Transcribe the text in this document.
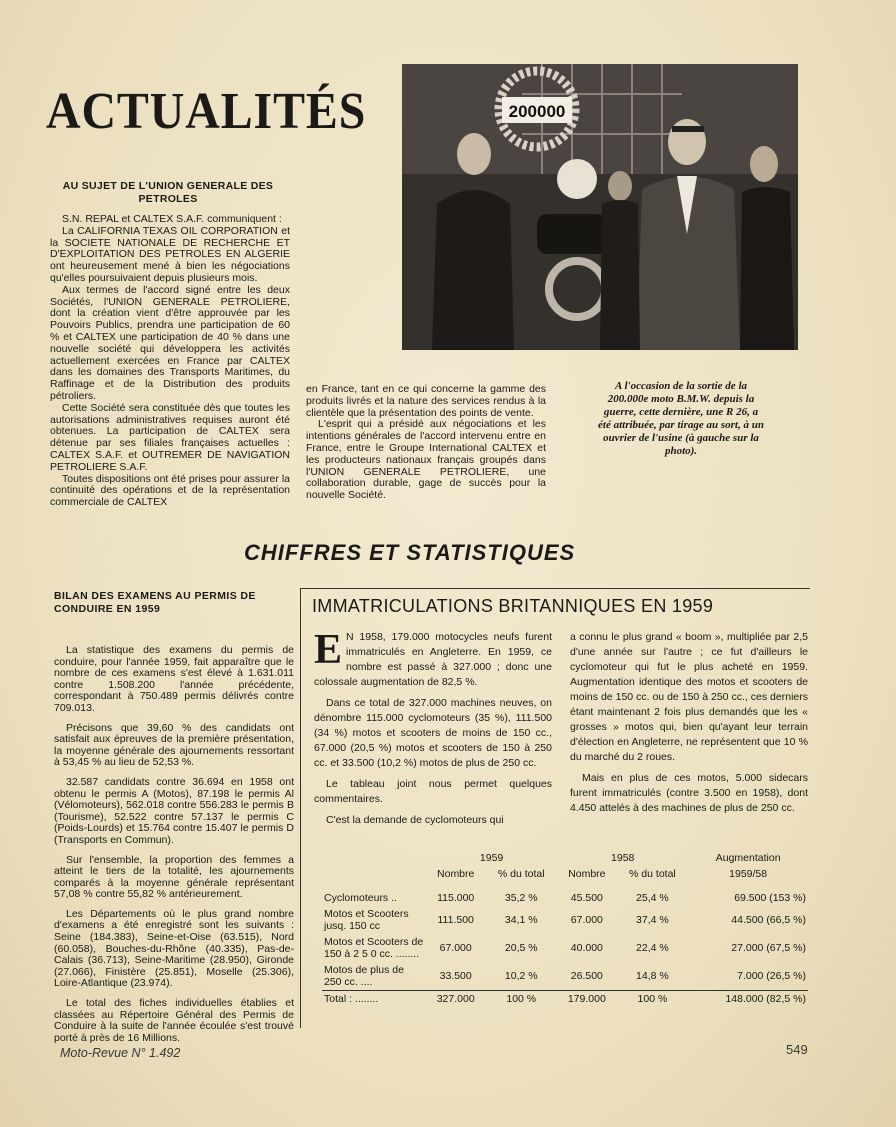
ACTUALITÉS
AU SUJET DE L'UNION GENERALE DES PETROLES

S.N. REPAL et CALTEX S.A.F. communiquent :

La CALIFORNIA TEXAS OIL CORPORATION et la SOCIETE NATIONALE DE RECHERCHE ET D'EXPLOITATION DES PETROLES EN ALGERIE ont heureusement mené à bien les négociations qu'elles poursuivaient depuis plusieurs mois.

Aux termes de l'accord signé entre les deux Sociétés, l'UNION GENERALE PETROLIERE, dont la création vient d'être approuvée par les Pouvoirs Publics, prendra une participation de 60 % et CALTEX une participation de 40 % dans une nouvelle société qui développera les activités actuellement exercées en France par CALTEX dans les domaines des Transports Maritimes, du Raffinage et de la Distribution des produits pétroliers.

Cette Société sera constituée dès que toutes les autorisations administratives requises auront été obtenues. La participation de CALTEX sera détenue par ses filiales françaises actuelles : CALTEX S.A.F. et OUTREMER DE NAVIGATION PETROLIERE S.A.F.

Toutes dispositions ont été prises pour assurer la continuité des opérations et de la représentation commerciale de CALTEX

en France, tant en ce qui concerne la gamme des produits livrés et la nature des services rendus à la clientèle que la présentation des points de vente.

L'esprit qui a présidé aux négociations et les intentions générales de l'accord intervenu entre en France, entre le Groupe International CALTEX et les producteurs nationaux français groupés dans l'UNION GENERALE PETROLIERE, une collaboration durable, gage de succès pour la nouvelle Société.

200000
A l'occasion de la sortie de la 200.000e moto B.M.W. depuis la guerre, cette dernière, une R 26, a été attribuée, par tirage au sort, à un ouvrier de l'usine (à gauche sur la photo).
CHIFFRES ET STATISTIQUES
BILAN DES EXAMENS AU PERMIS DE CONDUIRE EN 1959

La statistique des examens du permis de conduire, pour l'année 1959, fait apparaître que le nombre de ces examens s'est élevé à 1.631.011 contre 1.508.200 l'année précédente, correspondant à 750.489 permis délivrés contre 709.013.

Précisons que 39,60 % des candidats ont satisfait aux épreuves de la première présentation, la moyenne générale des ajournements ressortant à 53,45 % au lieu de 52,53 %.

32.587 candidats contre 36.694 en 1958 ont obtenu le permis A (Motos), 87.198 le permis Al (Vélomoteurs), 562.018 contre 556.283 le permis B (Tourisme), 52.522 contre 57.137 le permis C (Poids-Lourds) et 15.764 contre 15.407 le permis D (Transports en Commun).

Sur l'ensemble, la proportion des femmes a atteint le tiers de la totalité, les ajournements comparés à la moyenne générale représentant 57,08 % contre 55,82 % antérieurement.

Les Départements où le plus grand nombre d'examens a été enregistré sont les suivants : Seine (184.383), Seine-et-Oise (63.515), Nord (60.058), Bouches-du-Rhône (40.335), Pas-de-Calais (36.713), Seine-Maritime (28.950), Gironde (27.066), Finistère (25.851), Moselle (25.306), Loire-Atlantique (23.974).

Le total des fiches individuelles établies et classées au Répertoire Général des Permis de Conduire à la suite de l'année écoulée s'est trouvé porté à près de 16 Millions.

IMMATRICULATIONS BRITANNIQUES EN 1959

E N 1958, 179.000 motocycles neufs furent immatriculés en Angleterre. En 1959, ce nombre est passé à 327.000 ; donc une colossale augmentation de 82,5 %.

Dans ce total de 327.000 machines neuves, on dénombre 115.000 cyclomoteurs (35 %), 111.500 (34 %) motos et scooters de moins de 150 cc., 67.000 (20,5 %) motos et scooters de 150 à 250 cc. et 33.500 (10,2 %) motos de plus de 250 cc.

Le tableau joint nous permet quelques commentaires.

C'est la demande de cyclomoteurs qui

a connu le plus grand « boom », multipliée par 2,5 d'une année sur l'autre ; ce fut d'ailleurs le cyclomoteur qui fut le plus acheté en 1959. Augmentation identique des motos et scooters de moins de 150 cc. ou de 150 à 250 cc., ces derniers étant maintenant 2 fois plus demandés que les « grosses » motos qui, bien qu'ayant leur terrain d'élection en Angleterre, ne représentent que 10 % du marché du 2 roues.

Mais en plus de ces motos, 5.000 sidecars furent immatriculés (contre 3.500 en 1958), dont 4.450 attelés à des machines de plus de 250 cc.

	1959		1958		Augmentation
	Nombre	% du total	Nombre	% du total	1959/58

Cyclomoteurs ..	115.000	35,2 %	45.500	25,4 %	69.500 (153 %)
Motos et Scooters jusq. 150 cc	111.500	34,1 %	67.000	37,4 %	44.500 (66,5 %)
Motos et Scooters de 150 à 2 5 0 cc. ........	67.000	20,5 %	40.000	22,4 %	27.000 (67,5 %)
Motos de plus de 250 cc. ....	33.500	10,2 %	26.500	14,8 %	7.000 (26,5 %)
Total : ........	327.000	100 %	179.000	100 %	148.000 (82,5 %)
Moto-Revue N° 1.492	549
